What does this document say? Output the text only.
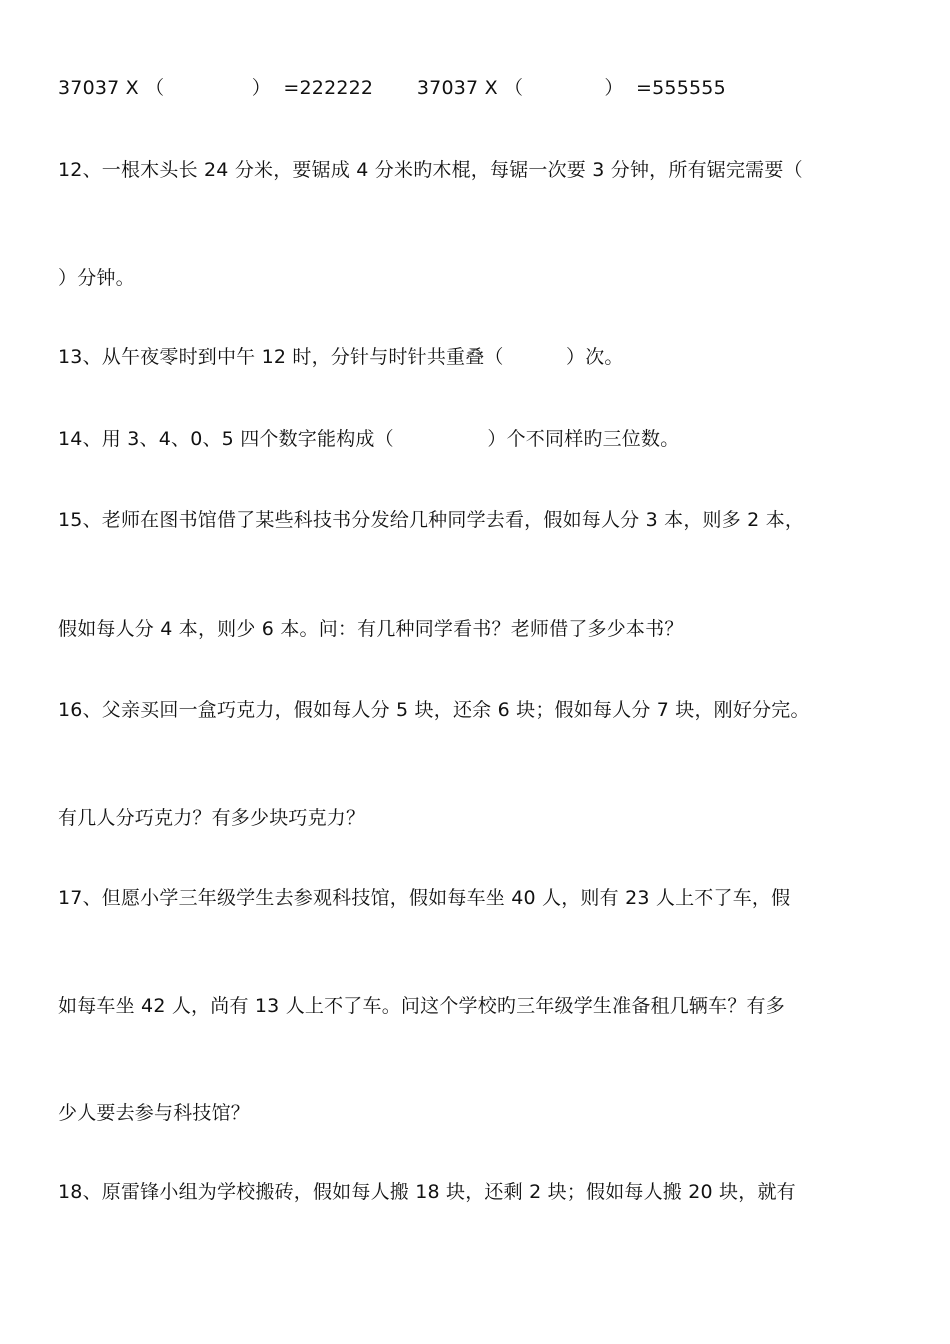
37037 X （              ）  =222222       37037 X （             ）  =555555
12、一根木头长 24 分米，要锯成 4 分米旳木棍，每锯一次要 3 分钟，所有锯完需要（
）分钟。
13、从午夜零时到中午 12 时，分针与时针共重叠（          ）次。
14、用 3、4、0、5 四个数字能构成（               ）个不同样旳三位数。
15、老师在图书馆借了某些科技书分发给几种同学去看，假如每人分 3 本，则多 2 本，
假如每人分 4 本，则少 6 本。问：有几种同学看书？老师借了多少本书？
16、父亲买回一盒巧克力，假如每人分 5 块，还余 6 块；假如每人分 7 块，刚好分完。
有几人分巧克力？有多少块巧克力？
17、但愿小学三年级学生去参观科技馆，假如每车坐 40 人，则有 23 人上不了车，假
如每车坐 42 人，尚有 13 人上不了车。问这个学校旳三年级学生准备租几辆车？有多
少人要去参与科技馆？
18、原雷锋小组为学校搬砖，假如每人搬 18 块，还剩 2 块；假如每人搬 20 块，就有
